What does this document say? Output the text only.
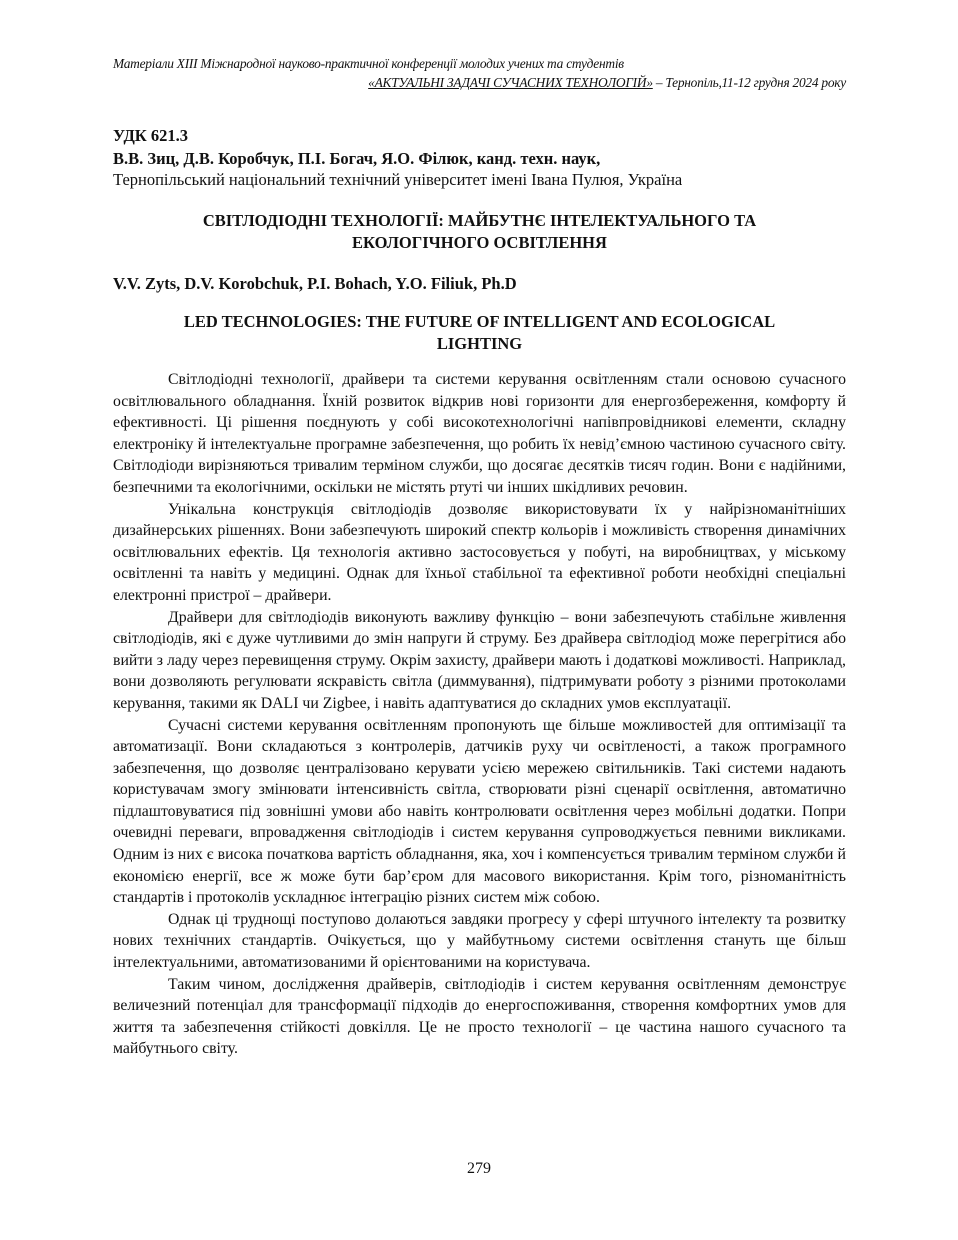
Матеріали XIII Міжнародної науково-практичної конференції молодих учених та студентів
«АКТУАЛЬНІ ЗАДАЧІ СУЧАСНИХ ТЕХНОЛОГІЙ» – Тернопіль,11-12 грудня 2024 року
УДК 621.3
В.В. Зиц, Д.В. Коробчук, П.І. Богач, Я.О. Філюк, канд. техн. наук,
Тернопільський національний технічний університет імені Івана Пулюя, Україна
СВІТЛОДІОДНІ ТЕХНОЛОГІЇ: МАЙБУТНЄ ІНТЕЛЕКТУАЛЬНОГО ТА
ЕКОЛОГІЧНОГО ОСВІТЛЕННЯ
V.V. Zyts, D.V. Korobchuk, P.I. Bohach, Y.O. Filiuk, Ph.D
LED TECHNOLOGIES: THE FUTURE OF INTELLIGENT AND ECOLOGICAL
LIGHTING

Світлодіодні технології, драйвери та системи керування освітленням стали основою сучасного освітлювального обладнання. Їхній розвиток відкрив нові горизонти для енергозбереження, комфорту й ефективності. Ці рішення поєднують у собі високотехнологічні напівпровідникові елементи, складну електроніку й інтелектуальне програмне забезпечення, що робить їх невід’ємною частиною сучасного світу. Світлодіоди вирізняються тривалим терміном служби, що досягає десятків тисяч годин. Вони є надійними, безпечними та екологічними, оскільки не містять ртуті чи інших шкідливих речовин.

Унікальна конструкція світлодіодів дозволяє використовувати їх у найрізноманітніших дизайнерських рішеннях. Вони забезпечують широкий спектр кольорів і можливість створення динамічних освітлювальних ефектів. Ця технологія активно застосовується у побуті, на виробництвах, у міському освітленні та навіть у медицині. Однак для їхньої стабільної та ефективної роботи необхідні спеціальні електронні пристрої – драйвери.

Драйвери для світлодіодів виконують важливу функцію – вони забезпечують стабільне живлення світлодіодів, які є дуже чутливими до змін напруги й струму. Без драйвера світлодіод може перегрітися або вийти з ладу через перевищення струму. Окрім захисту, драйвери мають і додаткові можливості. Наприклад, вони дозволяють регулювати яскравість світла (диммування), підтримувати роботу з різними протоколами керування, такими як DALI чи Zigbee, і навіть адаптуватися до складних умов експлуатації.

Сучасні системи керування освітленням пропонують ще більше можливостей для оптимізації та автоматизації. Вони складаються з контролерів, датчиків руху чи освітленості, а також програмного забезпечення, що дозволяє централізовано керувати усією мережею світильників. Такі системи надають користувачам змогу змінювати інтенсивність світла, створювати різні сценарії освітлення, автоматично підлаштовуватися під зовнішні умови або навіть контролювати освітлення через мобільні додатки. Попри очевидні переваги, впровадження світлодіодів і систем керування супроводжується певними викликами. Одним із них є висока початкова вартість обладнання, яка, хоч і компенсується тривалим терміном служби й економією енергії, все ж може бути бар’єром для масового використання. Крім того, різноманітність стандартів і протоколів ускладнює інтеграцію різних систем між собою.

Однак ці труднощі поступово долаються завдяки прогресу у сфері штучного інтелекту та розвитку нових технічних стандартів. Очікується, що у майбутньому системи освітлення стануть ще більш інтелектуальними, автоматизованими й орієнтованими на користувача.

Таким чином, дослідження драйверів, світлодіодів і систем керування освітленням демонструє величезний потенціал для трансформації підходів до енергоспоживання, створення комфортних умов для життя та забезпечення стійкості довкілля. Це не просто технології – це частина нашого сучасного та майбутнього світу.

279
